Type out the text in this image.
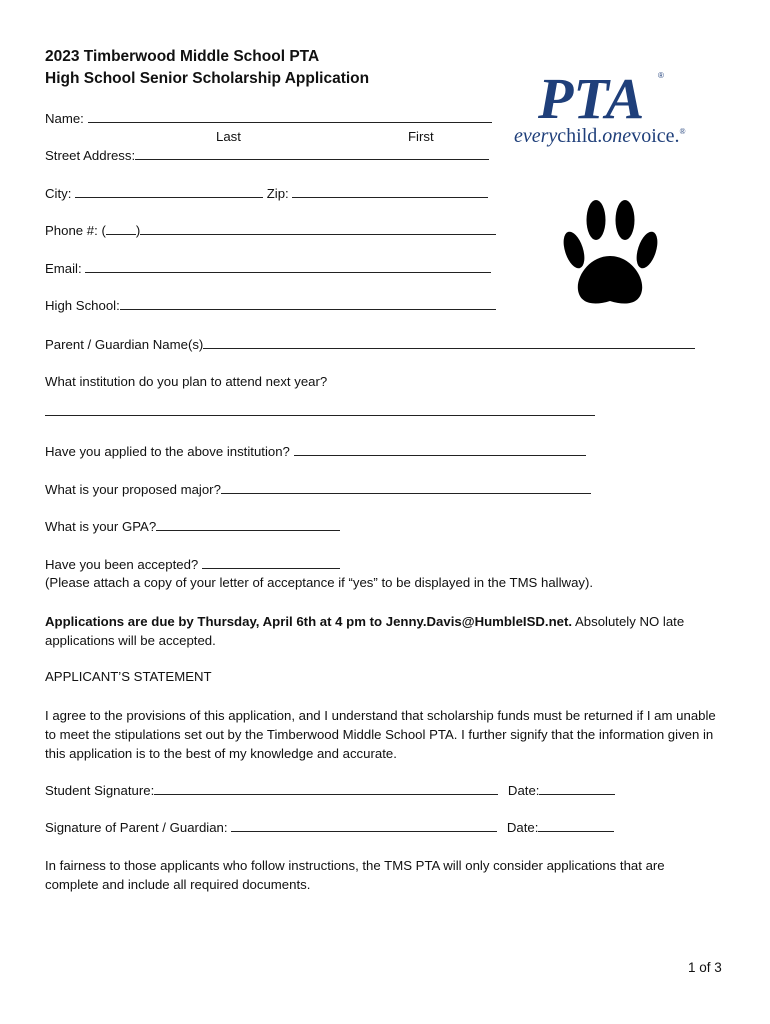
2023 Timberwood Middle School PTA
High School Senior Scholarship Application	PTA ®
everychild.onevoice.®
Name:
Last	First
Street Address:
City:	Zip:
Phone #: ( )
Email:
High School:
Parent / Guardian Name(s)
What institution do you plan to attend next year?
Have you applied to the above institution?
What is your proposed major?
What is your GPA?
Have you been accepted?
(Please attach a copy of your letter of acceptance if “yes” to be displayed in the TMS hallway).
Applications are due by Thursday, April 6th at 4 pm to Jenny.Davis@HumbleISD.net. Absolutely NO late applications will be accepted.
APPLICANT’S STATEMENT
I agree to the provisions of this application, and I understand that scholarship funds must be returned if I am unable to meet the stipulations set out by the Timberwood Middle School PTA. I further signify that the information given in this application is to the best of my knowledge and accurate.
Student Signature:	Date:
Signature of Parent / Guardian:	Date:
In fairness to those applicants who follow instructions, the TMS PTA will only consider applications that are complete and include all required documents.
1 of 3
